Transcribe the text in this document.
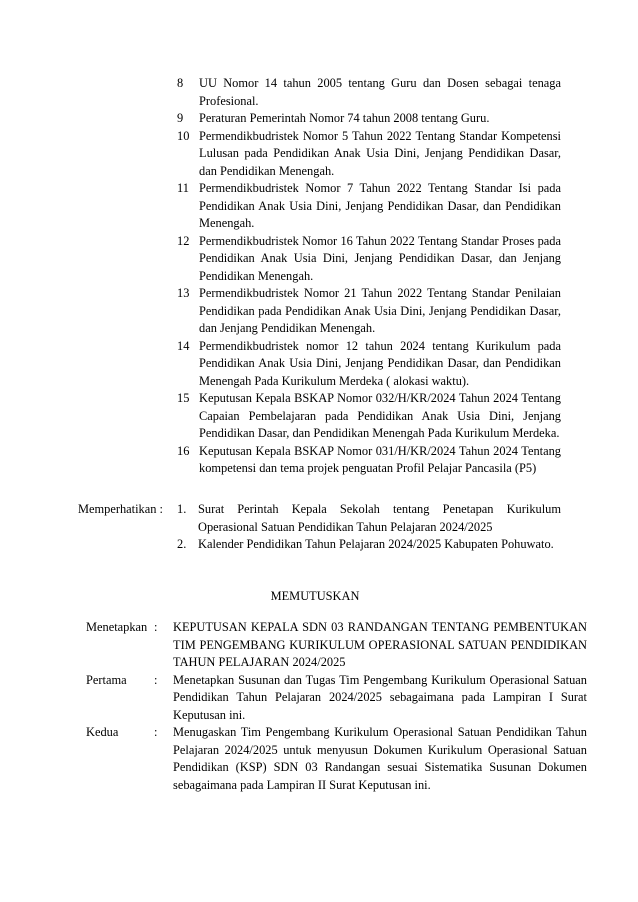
8	UU Nomor 14 tahun 2005 tentang Guru dan Dosen sebagai tenaga Profesional.
9	Peraturan Pemerintah Nomor 74 tahun 2008 tentang Guru.
10 Permendikbudristek Nomor 5 Tahun 2022 Tentang Standar Kompetensi Lulusan pada Pendidikan Anak Usia Dini, Jenjang Pendidikan Dasar, dan Pendidikan Menengah.
11 Permendikbudristek Nomor 7 Tahun 2022 Tentang Standar Isi pada Pendidikan Anak Usia Dini, Jenjang Pendidikan Dasar, dan Pendidikan Menengah.
12 Permendikbudristek Nomor 16 Tahun 2022 Tentang Standar Proses pada Pendidikan Anak Usia Dini, Jenjang Pendidikan Dasar, dan Jenjang Pendidikan Menengah.
13 Permendikbudristek Nomor 21 Tahun 2022 Tentang Standar Penilaian Pendidikan pada Pendidikan Anak Usia Dini, Jenjang Pendidikan Dasar, dan Jenjang Pendidikan Menengah.
14 Permendikbudristek nomor 12 tahun 2024 tentang Kurikulum pada Pendidikan Anak Usia Dini, Jenjang Pendidikan Dasar, dan Pendidikan Menengah Pada Kurikulum Merdeka ( alokasi waktu).
15 Keputusan Kepala BSKAP Nomor 032/H/KR/2024 Tahun 2024 Tentang Capaian Pembelajaran pada Pendidikan Anak Usia Dini, Jenjang Pendidikan Dasar, dan Pendidikan Menengah Pada Kurikulum Merdeka.
16 Keputusan Kepala BSKAP Nomor 031/H/KR/2024 Tahun 2024 Tentang kompetensi dan tema projek penguatan Profil Pelajar Pancasila (P5)
Memperhatikan :	1. Surat Perintah Kepala Sekolah tentang Penetapan Kurikulum Operasional Satuan Pendidikan Tahun Pelajaran 2024/2025
2. Kalender Pendidikan Tahun Pelajaran 2024/2025 Kabupaten Pohuwato.
MEMUTUSKAN
Menetapkan :	KEPUTUSAN KEPALA SDN 03 RANDANGAN TENTANG PEMBENTUKAN TIM PENGEMBANG KURIKULUM OPERASIONAL SATUAN PENDIDIKAN TAHUN PELAJARAN 2024/2025
Pertama	:	Menetapkan Susunan dan Tugas Tim Pengembang Kurikulum Operasional Satuan Pendidikan Tahun Pelajaran 2024/2025 sebagaimana pada Lampiran I Surat Keputusan ini.
Kedua	:	Menugaskan Tim Pengembang Kurikulum Operasional Satuan Pendidikan Tahun Pelajaran 2024/2025 untuk menyusun Dokumen Kurikulum Operasional Satuan Pendidikan (KSP) SDN 03 Randangan sesuai Sistematika Susunan Dokumen sebagaimana pada Lampiran II Surat Keputusan ini.
